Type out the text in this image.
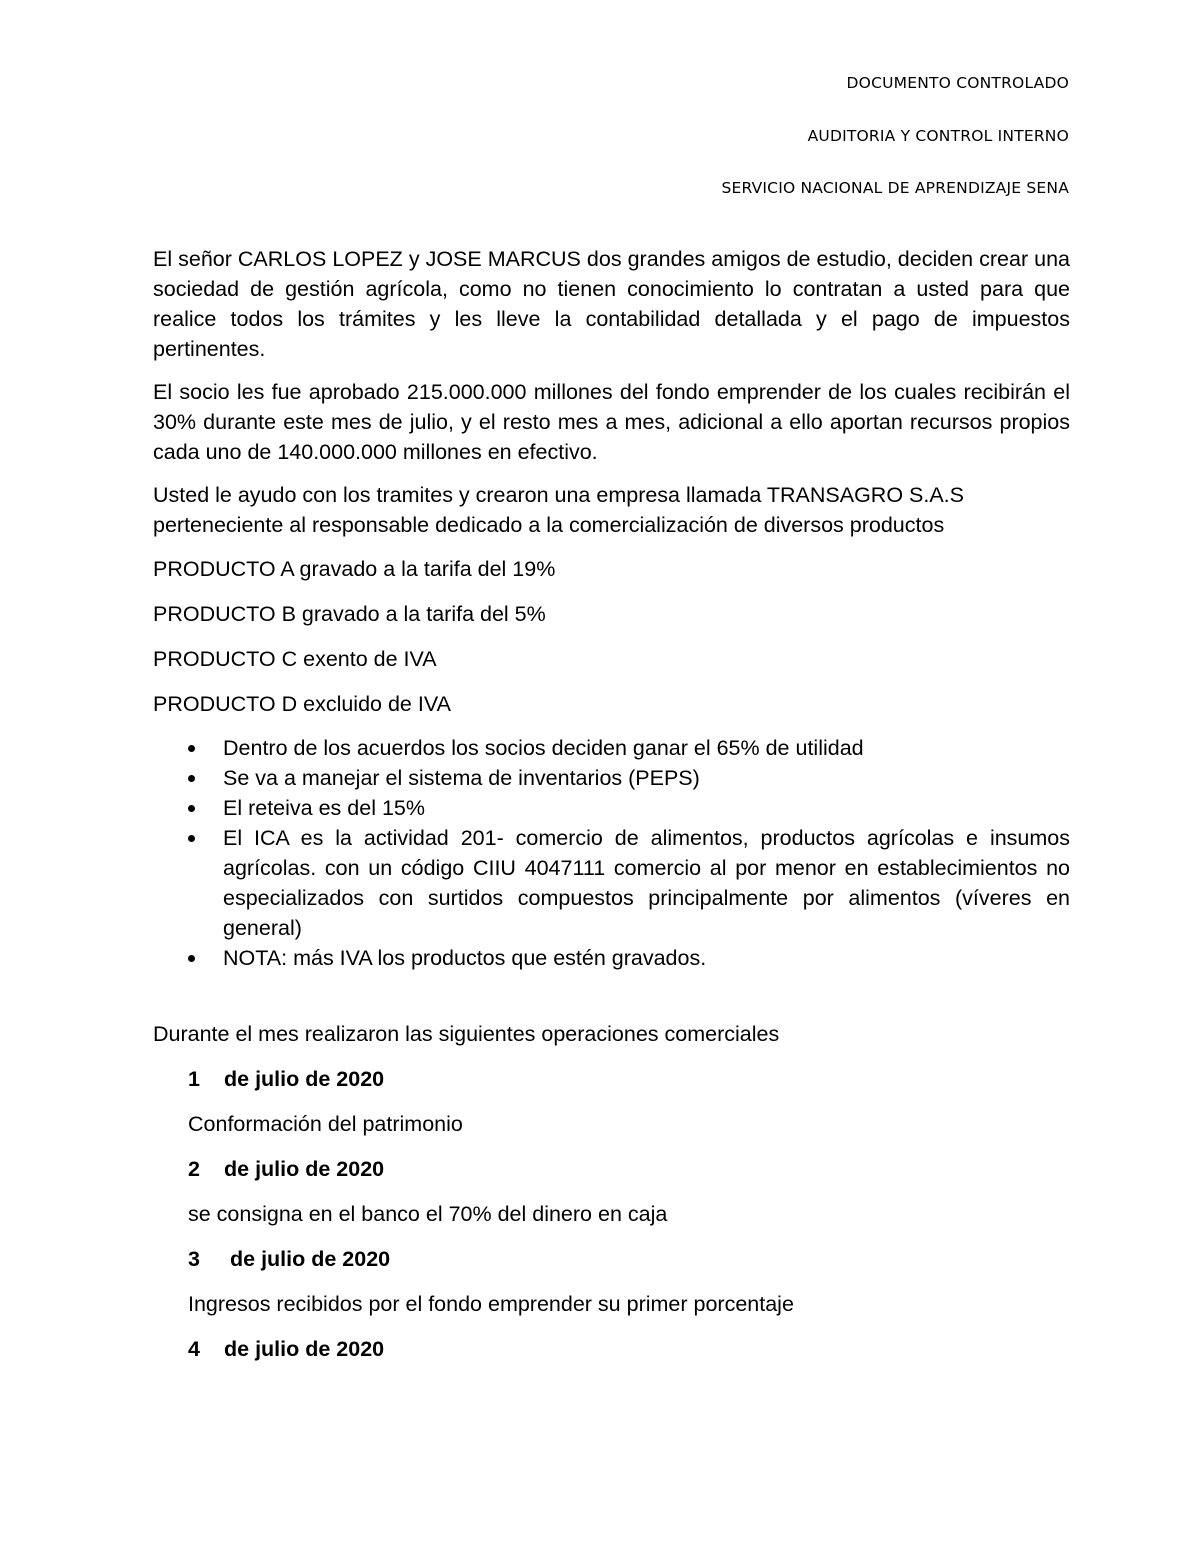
DOCUMENTO CONTROLADO
AUDITORIA Y CONTROL INTERNO
SERVICIO NACIONAL DE APRENDIZAJE SENA

El señor CARLOS LOPEZ y JOSE MARCUS dos grandes amigos de estudio, deciden crear una sociedad de gestión agrícola, como no tienen conocimiento lo contratan a usted para que realice todos los trámites y les lleve la contabilidad detallada y el pago de impuestos pertinentes.

El socio les fue aprobado 215.000.000 millones del fondo emprender de los cuales recibirán el 30% durante este mes de julio, y el resto mes a mes, adicional a ello aportan recursos propios cada uno de 140.000.000 millones en efectivo.

Usted le ayudo con los tramites y crearon una empresa llamada TRANSAGRO S.A.S perteneciente al responsable dedicado a la comercialización de diversos productos

PRODUCTO A gravado a la tarifa del 19%

PRODUCTO B gravado a la tarifa del 5%

PRODUCTO C exento de IVA

PRODUCTO D excluido de IVA

Dentro de los acuerdos los socios deciden ganar el 65% de utilidad
Se va a manejar el sistema de inventarios (PEPS)
El reteiva es del 15%
El ICA es la actividad 201- comercio de alimentos, productos agrícolas e insumos agrícolas. con un código CIIU 4047111 comercio al por menor en establecimientos no especializados con surtidos compuestos principalmente por alimentos (víveres en general)
NOTA: más IVA los productos que estén gravados.

Durante el mes realizaron las siguientes operaciones comerciales

1 de julio de 2020
Conformación del patrimonio
2 de julio de 2020
se consigna en el banco el 70% del dinero en caja
3 de julio de 2020
Ingresos recibidos por el fondo emprender su primer porcentaje
4 de julio de 2020
